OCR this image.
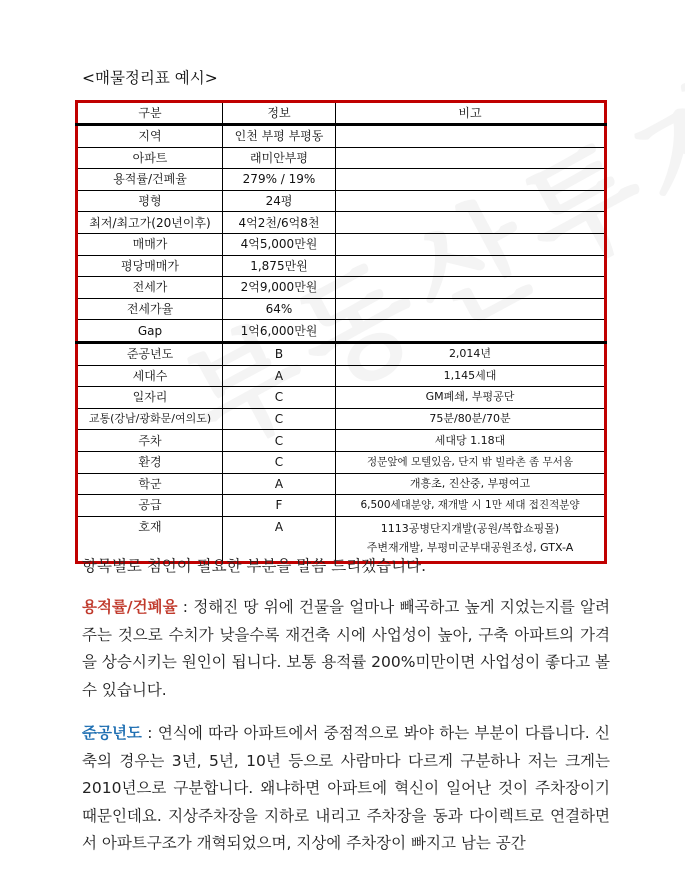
<매물정리표 예시>
구분	정보	비고
지역	인천 부평 부평동	
아파트	래미안부평	
용적률/건폐율	279% / 19%	
평형	24평	
최저/최고가(20년이후)	4억2천/6억8천	
매매가	4억5,000만원	
평당매매가	1,875만원	
전세가	2억9,000만원	
전세가율	64%	
Gap	1억6,000만원	
준공년도	B	2,014년
세대수	A	1,145세대
일자리	C	GM폐쇄, 부평공단
교통(강남/광화문/여의도)	C	75분/80분/70분
주차	C	세대당 1.18대
환경	C	정문앞에 모텔있음, 단지 밖 빌라촌 좀 무서움
학군	A	개흥초, 진산중, 부평여고
공급	F	6,500세대분양, 재개발 시 1만 세대 접진적분양
호재	A	1113공병단지개발(공원/복합쇼핑몰)
주변재개발, 부평미군부대공원조성, GTX-A
항목별로 첨언이 필요한 부분을 말씀 드리겠습니다.
용적률/건폐율 : 정해진 땅 위에 건물을 얼마나 빼곡하고 높게 지었는지를 알려주는 것으로 수치가 낮을수록 재건축 시에 사업성이 높아, 구축 아파트의 가격을 상승시키는 원인이 됩니다. 보통 용적률 200%미만이면 사업성이 좋다고 볼 수 있습니다.
준공년도 : 연식에 따라 아파트에서 중점적으로 봐야 하는 부분이 다릅니다. 신축의 경우는 3년, 5년, 10년 등으로 사람마다 다르게 구분하나 저는 크게는 2010년으로 구분합니다. 왜냐하면 아파트에 혁신이 일어난 것이 주차장이기 때문인데요. 지상주차장을 지하로 내리고 주차장을 동과 다이렉트로 연결하면서 아파트구조가 개혁되었으며, 지상에 주차장이 빠지고 남는 공간
